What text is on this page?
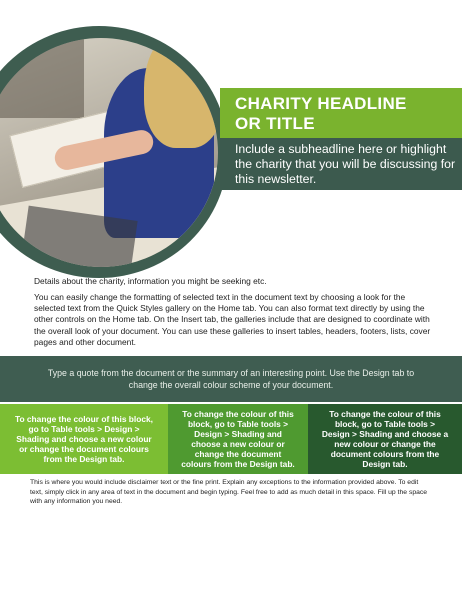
CHARITY HEADLINE
OR TITLE

Include a subheadline here or highlight the charity that you will be discussing for this newsletter.

Details about the charity, information you might be seeking etc.

You can easily change the formatting of selected text in the document text by choosing a look for the selected text from the Quick Styles gallery on the Home tab. You can also format text directly by using the other controls on the Home tab. On the Insert tab, the galleries include that are designed to coordinate with the overall look of your document. You can use these galleries to insert tables, headers, footers, lists, cover pages and other document.

Type a quote from the document or the summary of an interesting point. Use the Design tab to change the overall colour scheme of your document.

To change the colour of this block, go to Table tools > Design > Shading and choose a new colour or change the document colours from the Design tab.
To change the colour of this block, go to Table tools > Design > Shading and choose a new colour or change the document colours from the Design tab.
To change the colour of this block, go to Table tools > Design > Shading and choose a new colour or change the document colours from the Design tab.

This is where you would include disclaimer text or the fine print. Explain any exceptions to the information provided above. To edit text, simply click in any area of text in the document and begin typing. Feel free to add as much detail in this space. Fill up the space with any information you need.
